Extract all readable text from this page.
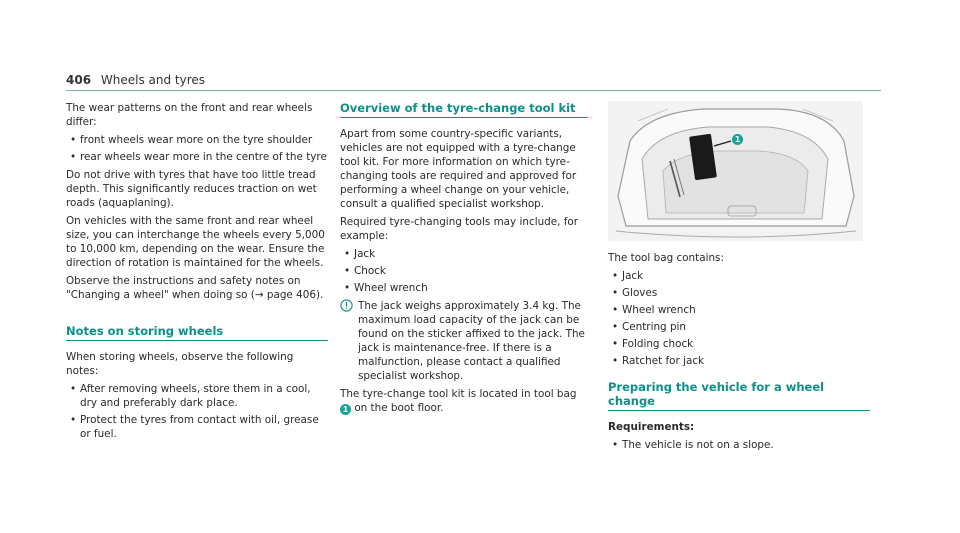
406 Wheels and tyres

The wear patterns on the front and rear wheels differ:

• front wheels wear more on the tyre shoulder
• rear wheels wear more in the centre of the tyre

Do not drive with tyres that have too little tread depth. This significantly reduces traction on wet roads (aquaplaning).

On vehicles with the same front and rear wheel size, you can interchange the wheels every 5,000 to 10,000 km, depending on the wear. Ensure the direction of rotation is maintained for the wheels.

Observe the instructions and safety notes on "Changing a wheel" when doing so (→ page 406).

Notes on storing wheels

When storing wheels, observe the following notes:

• After removing wheels, store them in a cool, dry and preferably dark place.
• Protect the tyres from contact with oil, grease or fuel.
Overview of the tyre-change tool kit

Apart from some country-specific variants, vehicles are not equipped with a tyre-change tool kit. For more information on which tyre-changing tools are required and approved for performing a wheel change on your vehicle, consult a qualified specialist workshop.

Required tyre-changing tools may include, for example:

• Jack
• Chock
• Wheel wrench
The jack weighs approximately 3.4 kg. The maximum load capacity of the jack can be found on the sticker affixed to the jack. The jack is maintenance-free. If there is a malfunction, please contact a qualified specialist workshop.

The tyre-change tool kit is located in tool bag 1 on the boot floor.

1

The tool bag contains:

• Jack
• Gloves
• Wheel wrench
• Centring pin
• Folding chock
• Ratchet for jack
Preparing the vehicle for a wheel change

Requirements:

• The vehicle is not on a slope.
